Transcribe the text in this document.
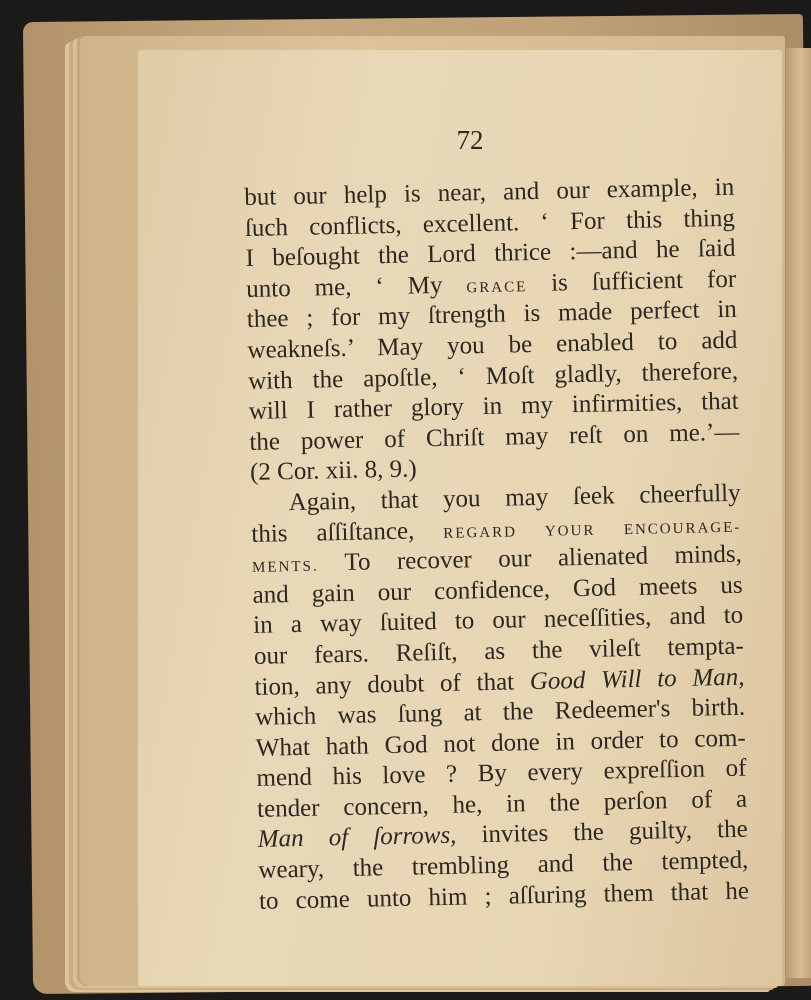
72
but our help is near, and our example, in
ſuch conflicts, excellent. ‘ For this thing
I beſought the Lord thrice :—and he ſaid
unto me, ‘ My GRACE is ſufficient for
thee ; for my ſtrength is made perfect in
weakneſs.’ May you be enabled to add
with the apoſtle, ‘ Moſt gladly, therefore,
will I rather glory in my infirmities, that
the power of Chriſt may reſt on me.’—
(2 Cor. xii. 8, 9.)
Again, that you may ſeek cheerfully
this aſſiſtance, REGARD YOUR ENCOURAGE-
MENTS. To recover our alienated minds,
and gain our confidence, God meets us
in a way ſuited to our neceſſities, and to
our fears. Reſiſt, as the vileſt tempta-
tion, any doubt of that Good Will to Man,
which was ſung at the Redeemer's birth.
What hath God not done in order to com-
mend his love ? By every expreſſion of
tender concern, he, in the perſon of a
Man of ſorrows, invites the guilty, the
weary, the trembling and the tempted,
to come unto him ; aſſuring them that he
